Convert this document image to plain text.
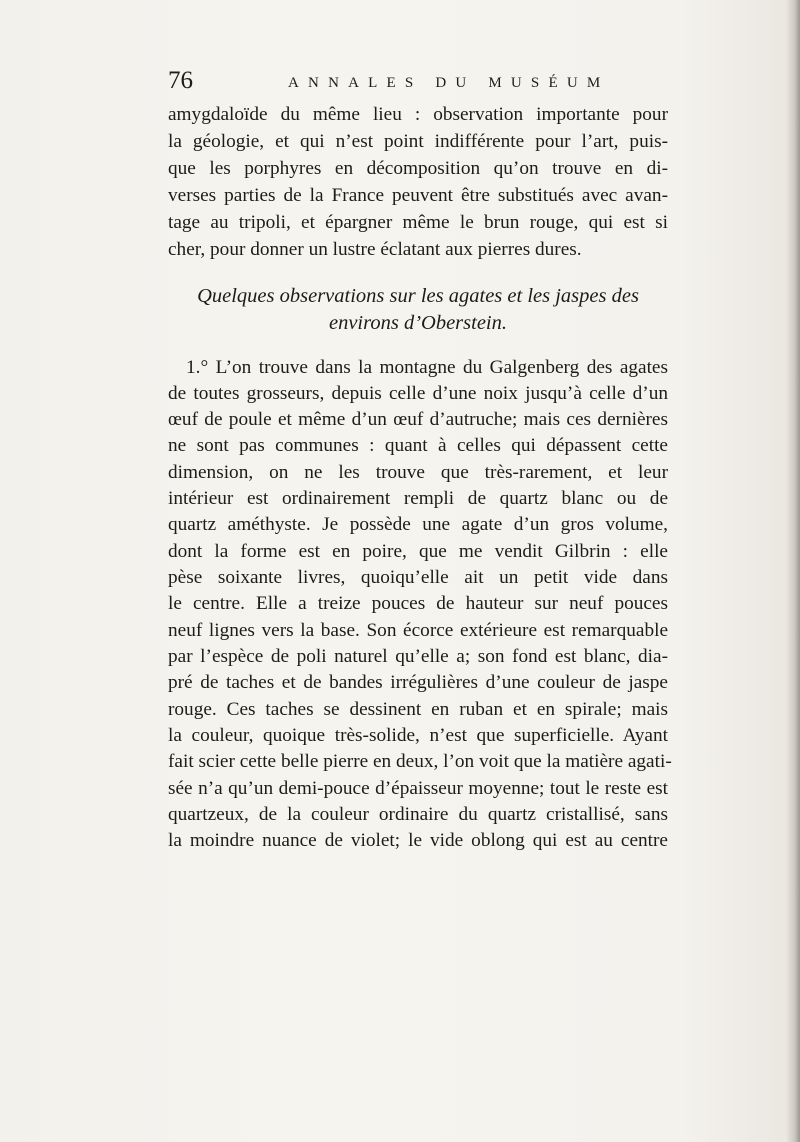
76	ANNALES DU MUSÉUM
amygdaloïde du même lieu : observation importante pour
la géologie, et qui n’est point indifférente pour l’art, puis-
que les porphyres en décomposition qu’on trouve en di-
verses parties de la France peuvent être substitués avec avan-
tage au tripoli, et épargner même le brun rouge, qui est si
cher, pour donner un lustre éclatant aux pierres dures.
Quelques observations sur les agates et les jaspes des
environs d’Oberstein.
1.° L’on trouve dans la montagne du Galgenberg des agates
de toutes grosseurs, depuis celle d’une noix jusqu’à celle d’un
œuf de poule et même d’un œuf d’autruche; mais ces dernières
ne sont pas communes : quant à celles qui dépassent cette
dimension, on ne les trouve que très-rarement, et leur
intérieur est ordinairement rempli de quartz blanc ou de
quartz améthyste. Je possède une agate d’un gros volume,
dont la forme est en poire, que me vendit Gilbrin : elle
pèse soixante livres, quoiqu’elle ait un petit vide dans
le centre. Elle a treize pouces de hauteur sur neuf pouces
neuf lignes vers la base. Son écorce extérieure est remarquable
par l’espèce de poli naturel qu’elle a; son fond est blanc, dia-
pré de taches et de bandes irrégulières d’une couleur de jaspe
rouge. Ces taches se dessinent en ruban et en spirale; mais
la couleur, quoique très-solide, n’est que superficielle. Ayant
fait scier cette belle pierre en deux, l’on voit que la matière agati-
sée n’a qu’un demi-pouce d’épaisseur moyenne; tout le reste est
quartzeux, de la couleur ordinaire du quartz cristallisé, sans
la moindre nuance de violet; le vide oblong qui est au centre
